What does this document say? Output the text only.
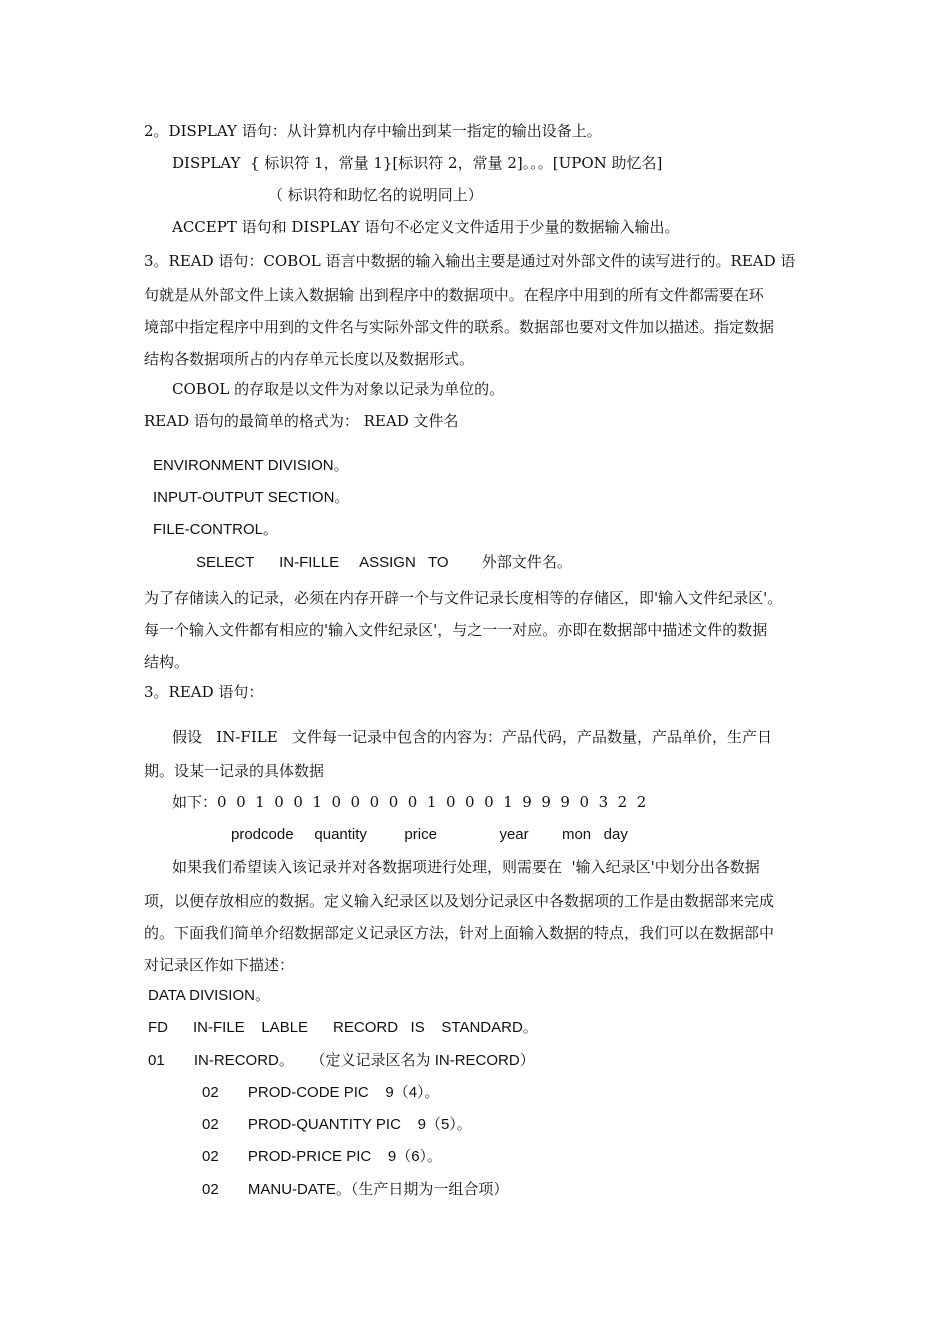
2。DISPLAY 语句：从计算机内存中输出到某一指定的输出设备上。

DISPLAY  { 标识符 1，常量 1}[标识符 2，常量 2]。。。[UPON 助忆名]

（ 标识符和助忆名的说明同上）

ACCEPT 语句和 DISPLAY 语句不必定义文件适用于少量的数据输入输出。

3。READ 语句：COBOL 语言中数据的输入输出主要是通过对外部文件的读写进行的。READ 语

句就是从外部文件上读入数据输 出到程序中的数据项中。在程序中用到的所有文件都需要在环

境部中指定程序中用到的文件名与实际外部文件的联系。数据部也要对文件加以描述。指定数据

结构各数据项所占的内存单元长度以及数据形式。

COBOL 的存取是以文件为对象以记录为单位的。

READ 语句的最简单的格式为： READ 文件名

ENVIRONMENT DIVISION。

INPUT-OUTPUT SECTION。

FILE-CONTROL。

SELECT      IN-FILLE     ASSIGN   TO        外部文件名。

为了存储读入的记录，必须在内存开辟一个与文件记录长度相等的存储区，即'输入文件纪录区'。

每一个输入文件都有相应的'输入文件纪录区'，与之一一对应。亦即在数据部中描述文件的数据

结构。

3。READ 语句：

假设   IN-FILE   文件每一记录中包含的内容为：产品代码，产品数量，产品单价，生产日

期。设某一记录的具体数据

如下：0  0  1  0  0  1  0  0  0  0  0  1  0  0  0  1  9  9  9  0  3  2  2

prodcode     quantity         price               year        mon   day

如果我们希望读入该记录并对各数据项进行处理，则需要在  '输入纪录区'中划分出各数据

项，以便存放相应的数据。定义输入纪录区以及划分记录区中各数据项的工作是由数据部来完成

的。下面我们简单介绍数据部定义记录区方法，针对上面输入数据的特点，我们可以在数据部中

对记录区作如下描述：

DATA DIVISION。

FD      IN-FILE    LABLE      RECORD   IS    STANDARD。

01       IN-RECORD。    （定义记录区名为 IN-RECORD）

02       PROD-CODE PIC    9（4）。

02       PROD-QUANTITY PIC    9（5）。

02       PROD-PRICE PIC    9（6）。

02       MANU-DATE。（生产日期为一组合项）
